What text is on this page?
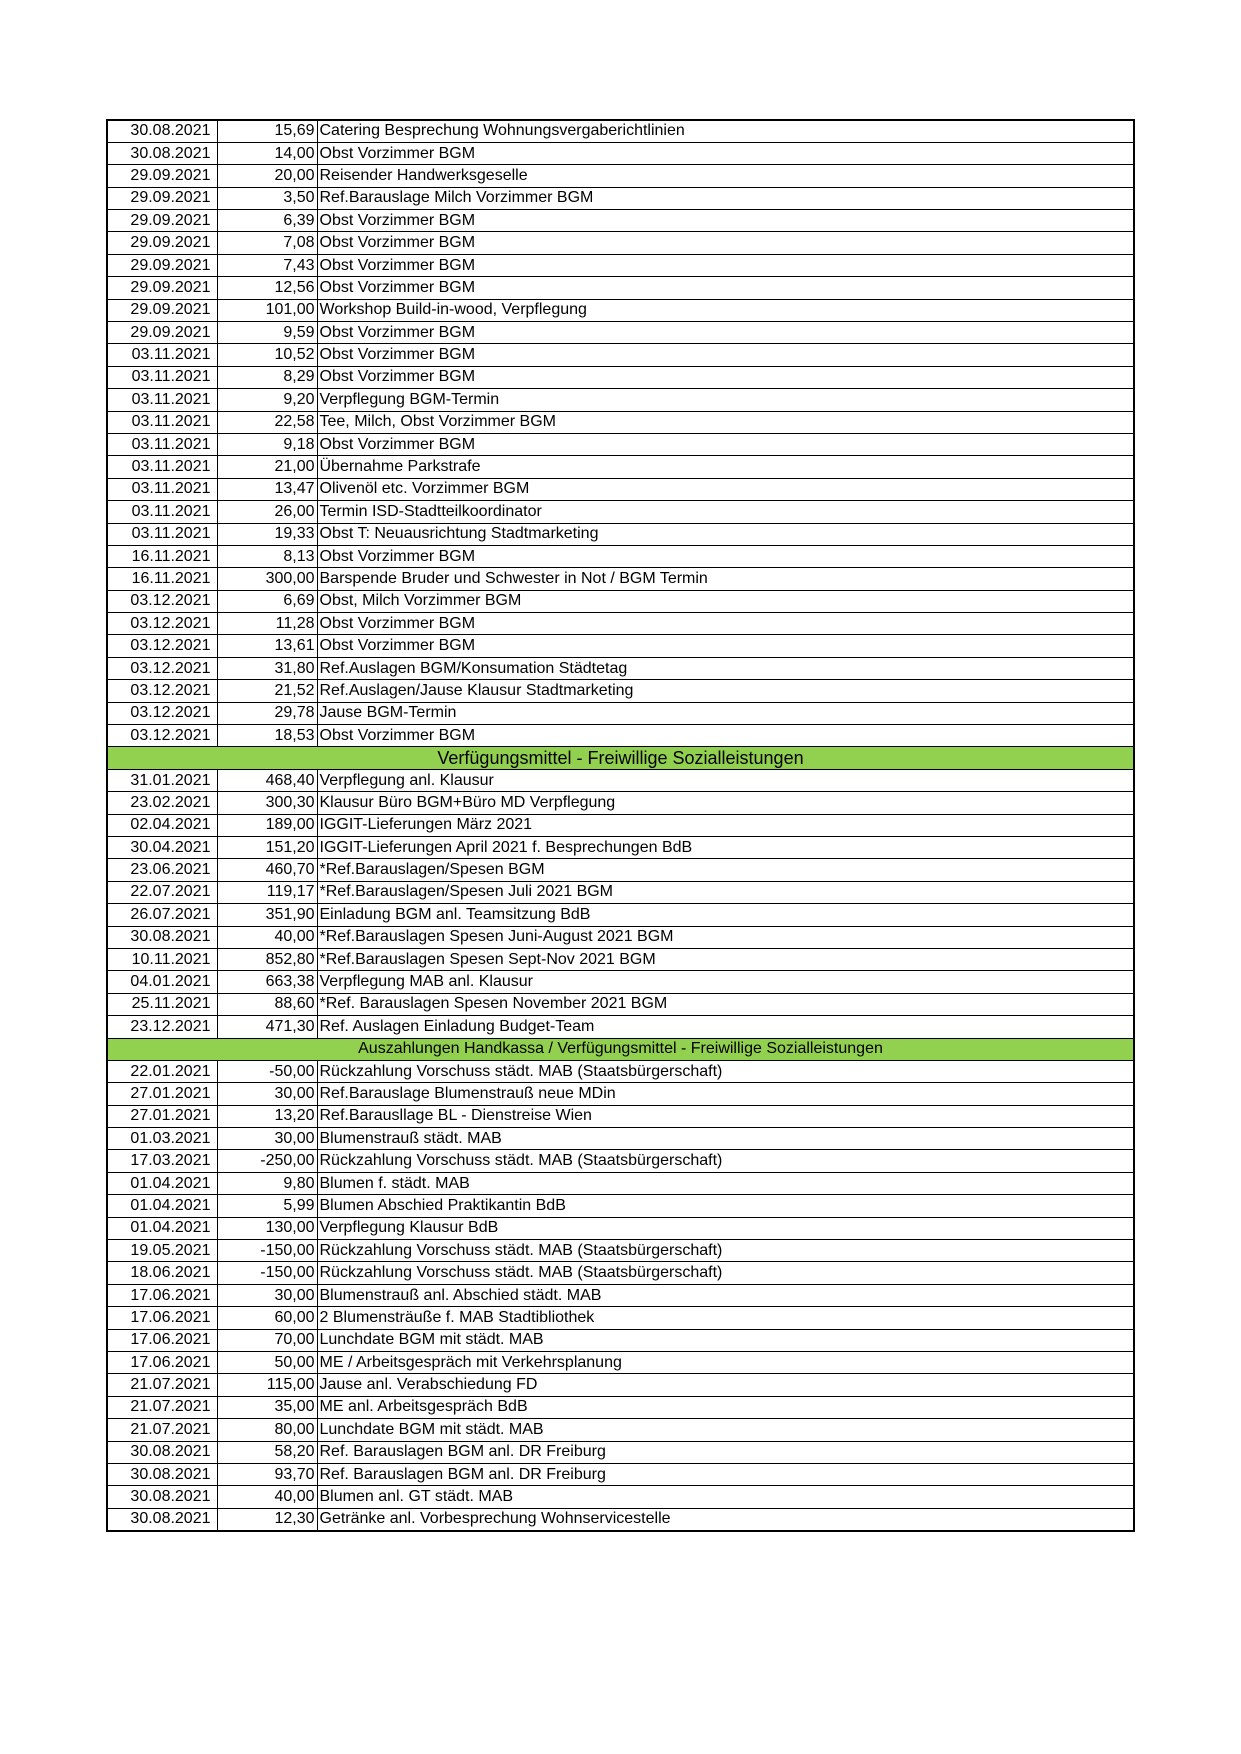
30.08.2021	15,69	Catering Besprechung Wohnungsvergaberichtlinien
30.08.2021	14,00	Obst Vorzimmer BGM
29.09.2021	20,00	Reisender Handwerksgeselle
29.09.2021	3,50	Ref.Barauslage Milch Vorzimmer BGM
29.09.2021	6,39	Obst Vorzimmer BGM
29.09.2021	7,08	Obst Vorzimmer BGM
29.09.2021	7,43	Obst Vorzimmer BGM
29.09.2021	12,56	Obst Vorzimmer BGM
29.09.2021	101,00	Workshop Build-in-wood, Verpflegung
29.09.2021	9,59	Obst Vorzimmer BGM
03.11.2021	10,52	Obst Vorzimmer BGM
03.11.2021	8,29	Obst Vorzimmer BGM
03.11.2021	9,20	Verpflegung BGM-Termin
03.11.2021	22,58	Tee, Milch, Obst Vorzimmer BGM
03.11.2021	9,18	Obst Vorzimmer BGM
03.11.2021	21,00	Übernahme Parkstrafe
03.11.2021	13,47	Olivenöl etc. Vorzimmer BGM
03.11.2021	26,00	Termin ISD-Stadtteilkoordinator
03.11.2021	19,33	Obst T: Neuausrichtung Stadtmarketing
16.11.2021	8,13	Obst Vorzimmer BGM
16.11.2021	300,00	Barspende Bruder und Schwester in Not / BGM Termin
03.12.2021	6,69	Obst, Milch Vorzimmer BGM
03.12.2021	11,28	Obst Vorzimmer BGM
03.12.2021	13,61	Obst Vorzimmer BGM
03.12.2021	31,80	Ref.Auslagen BGM/Konsumation Städtetag
03.12.2021	21,52	Ref.Auslagen/Jause Klausur Stadtmarketing
03.12.2021	29,78	Jause BGM-Termin
03.12.2021	18,53	Obst Vorzimmer BGM
Verfügungsmittel - Freiwillige Sozialleistungen		
31.01.2021	468,40	Verpflegung anl. Klausur
23.02.2021	300,30	Klausur Büro BGM+Büro MD Verpflegung
02.04.2021	189,00	IGGIT-Lieferungen März 2021
30.04.2021	151,20	IGGIT-Lieferungen April 2021 f. Besprechungen BdB
23.06.2021	460,70	*Ref.Barauslagen/Spesen BGM
22.07.2021	119,17	*Ref.Barauslagen/Spesen Juli 2021 BGM
26.07.2021	351,90	Einladung BGM anl. Teamsitzung BdB
30.08.2021	40,00	*Ref.Barauslagen Spesen Juni-August 2021 BGM
10.11.2021	852,80	*Ref.Barauslagen Spesen Sept-Nov 2021 BGM
04.01.2021	663,38	Verpflegung MAB anl. Klausur
25.11.2021	88,60	*Ref. Barauslagen Spesen November 2021 BGM
23.12.2021	471,30	Ref. Auslagen Einladung Budget-Team
Auszahlungen Handkassa / Verfügungsmittel - Freiwillige Sozialleistungen		
22.01.2021	-50,00	Rückzahlung Vorschuss städt. MAB (Staatsbürgerschaft)
27.01.2021	30,00	Ref.Barauslage Blumenstrauß neue MDin
27.01.2021	13,20	Ref.Barausllage BL - Dienstreise Wien
01.03.2021	30,00	Blumenstrauß städt. MAB
17.03.2021	-250,00	Rückzahlung Vorschuss städt. MAB (Staatsbürgerschaft)
01.04.2021	9,80	Blumen f. städt. MAB
01.04.2021	5,99	Blumen Abschied Praktikantin BdB
01.04.2021	130,00	Verpflegung Klausur BdB
19.05.2021	-150,00	Rückzahlung Vorschuss städt. MAB (Staatsbürgerschaft)
18.06.2021	-150,00	Rückzahlung Vorschuss städt. MAB (Staatsbürgerschaft)
17.06.2021	30,00	Blumenstrauß anl. Abschied städt. MAB
17.06.2021	60,00	2 Blumensträuße f. MAB Stadtibliothek
17.06.2021	70,00	Lunchdate BGM mit städt. MAB
17.06.2021	50,00	ME / Arbeitsgespräch mit Verkehrsplanung
21.07.2021	115,00	Jause anl. Verabschiedung FD
21.07.2021	35,00	ME anl. Arbeitsgespräch BdB
21.07.2021	80,00	Lunchdate BGM mit städt. MAB
30.08.2021	58,20	Ref. Barauslagen BGM anl. DR Freiburg
30.08.2021	93,70	Ref. Barauslagen BGM anl. DR Freiburg
30.08.2021	40,00	Blumen anl. GT städt. MAB
30.08.2021	12,30	Getränke anl. Vorbesprechung Wohnservicestelle
